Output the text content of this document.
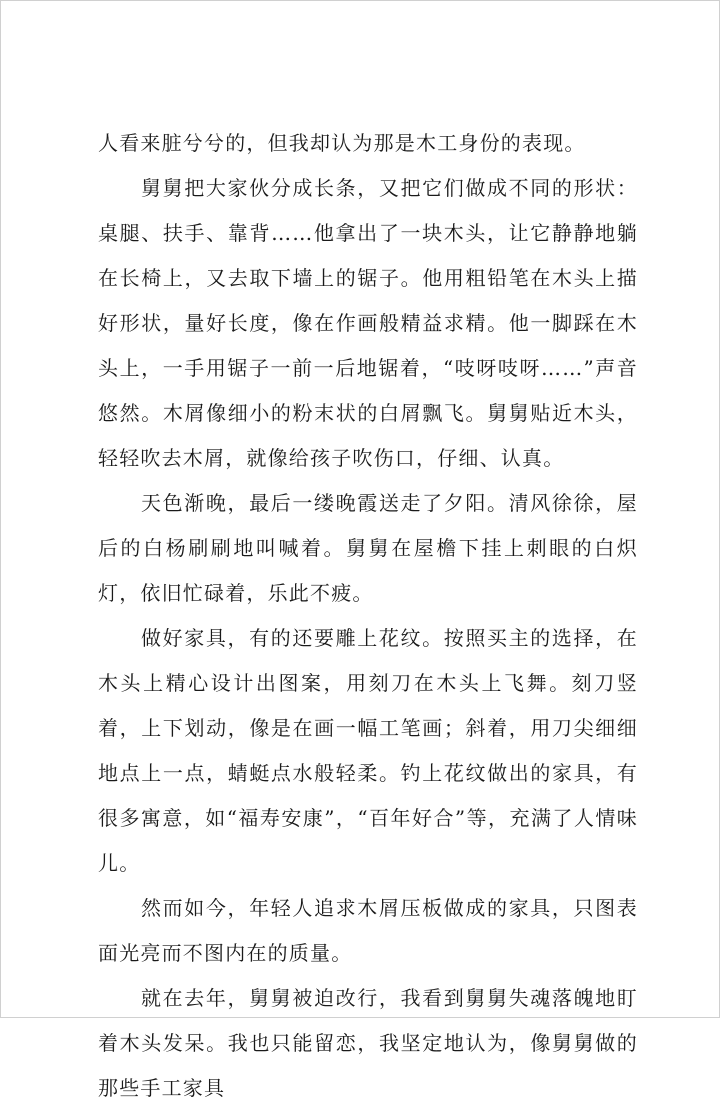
人看来脏兮兮的，但我却认为那是木工身份的表现。

舅舅把大家伙分成长条，又把它们做成不同的形状：桌腿、扶手、靠背……他拿出了一块木头，让它静静地躺在长椅上，又去取下墙上的锯子。他用粗铅笔在木头上描好形状，量好长度，像在作画般精益求精。他一脚踩在木头上，一手用锯子一前一后地锯着，“吱呀吱呀……”声音悠然。木屑像细小的粉末状的白屑飘飞。舅舅贴近木头，轻轻吹去木屑，就像给孩子吹伤口，仔细、认真。

天色渐晚，最后一缕晚霞送走了夕阳。清风徐徐，屋后的白杨刷刷地叫喊着。舅舅在屋檐下挂上刺眼的白炽灯，依旧忙碌着，乐此不疲。

做好家具，有的还要雕上花纹。按照买主的选择，在木头上精心设计出图案，用刻刀在木头上飞舞。刻刀竖着，上下划动，像是在画一幅工笔画；斜着，用刀尖细细地点上一点，蜻蜓点水般轻柔。钓上花纹做出的家具，有很多寓意，如“福寿安康”，“百年好合”等，充满了人情味儿。

然而如今，年轻人追求木屑压板做成的家具，只图表面光亮而不图内在的质量。

就在去年，舅舅被迫改行，我看到舅舅失魂落魄地盯着木头发呆。我也只能留恋，我坚定地认为，像舅舅做的那些手工家具
